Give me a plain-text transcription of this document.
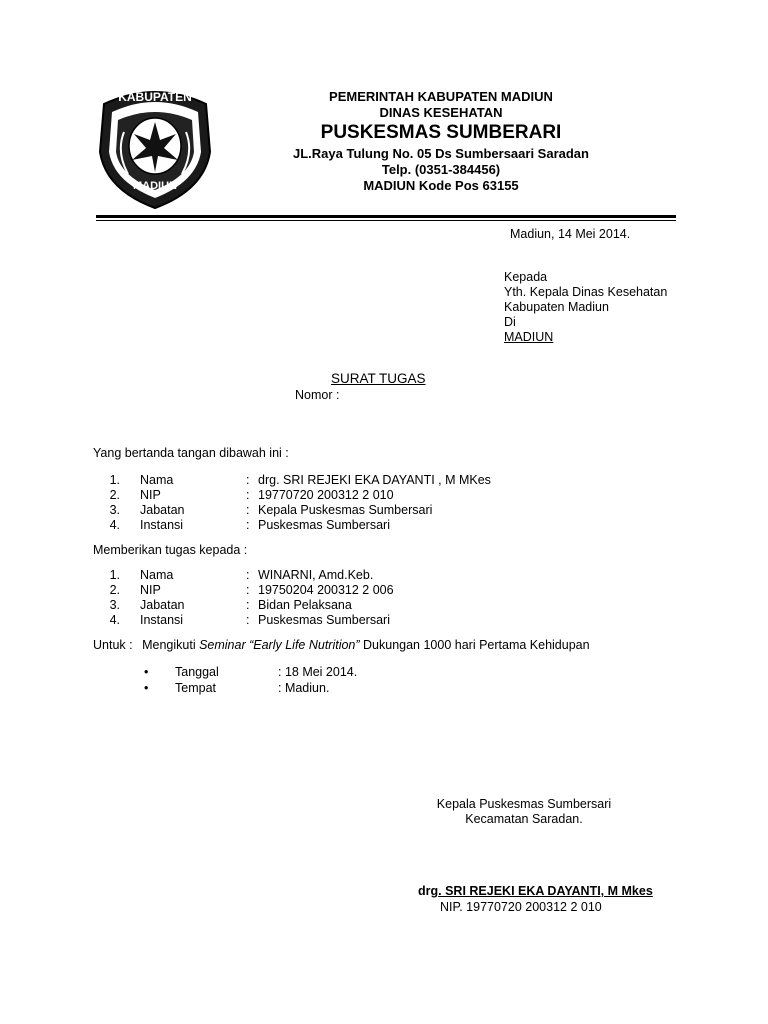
KABUPATEN
MADIUN
PEMERINTAH KABUPATEN MADIUN
DINAS KESEHATAN
PUSKESMAS SUMBERARI
JL.Raya Tulung No. 05 Ds Sumbersaari Saradan
Telp. (0351-384456)
MADIUN Kode Pos 63155
Madiun, 14 Mei 2014.
Kepada
Yth. Kepala Dinas Kesehatan
Kabupaten Madiun
Di
MADIUN
SURAT TUGAS
Nomor :
Yang bertanda tangan dibawah ini :
1. Nama	: drg. SRI REJEKI EKA DAYANTI , M MKes
2. NIP	: 19770720 200312 2 010
3. Jabatan	: Kepala Puskesmas Sumbersari
4. Instansi	: Puskesmas Sumbersari
Memberikan tugas kepada :
1. Nama	: WINARNI, Amd.Keb.
2. NIP	: 19750204 200312 2 006
3. Jabatan	: Bidan Pelaksana
4. Instansi	: Puskesmas Sumbersari
Untuk : Mengikuti Seminar “Early Life Nutrition” Dukungan 1000 hari Pertama Kehidupan
• Tanggal	: 18 Mei 2014.
• Tempat	: Madiun.
Kepala Puskesmas Sumbersari
Kecamatan Saradan.
drg. SRI REJEKI EKA DAYANTI, M Mkes
NIP. 19770720 200312 2 010
